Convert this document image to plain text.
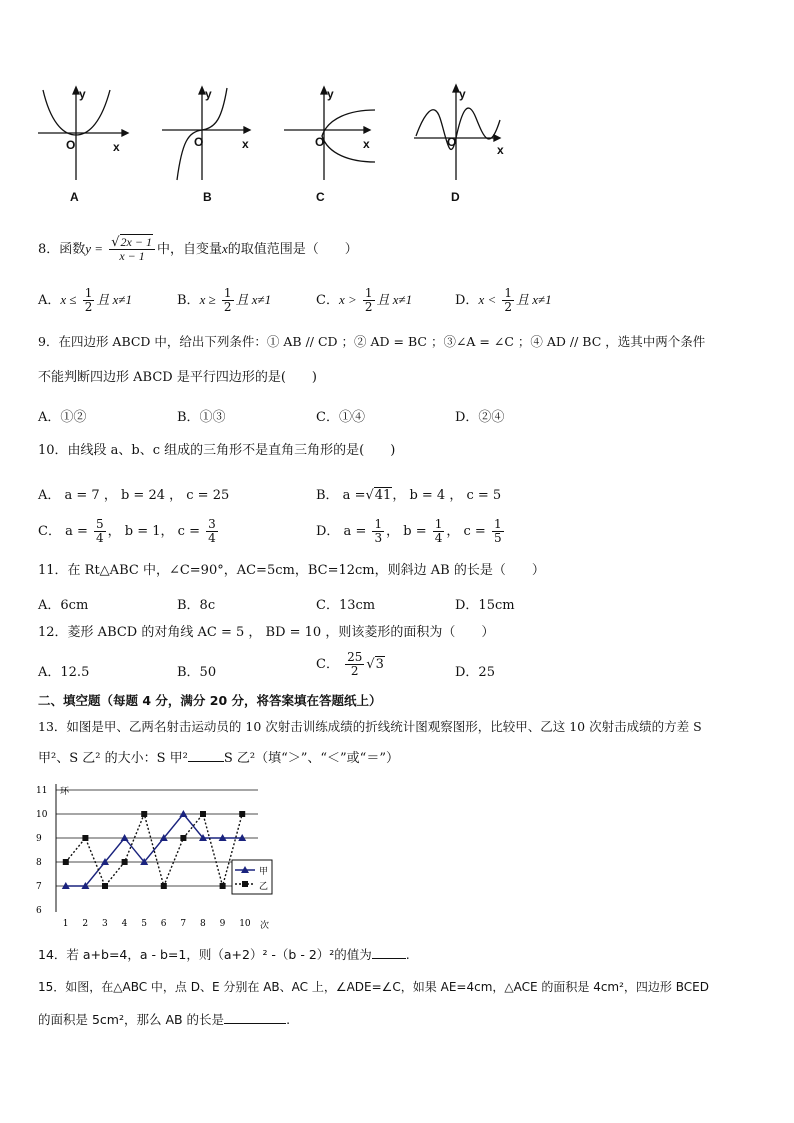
y
O	x
A
y
O	x
B
y
O	x
C
y
O
x
D
8．函数$y = \frac{√2x - 1}{x - 1}$ 中，自变量x的取值范围是（　　）
A．$x \le \frac{1}{2}$ 且 x≠1	B．$x \ge \frac{1}{2}$ 且 x≠1	C．$x > \frac{1}{2}$ 且 x≠1	D．$x < \frac{1}{2}$ 且 x≠1
9．在四边形 ABCD 中，给出下列条件：① AB // CD ；② AD = BC ；③∠A = ∠C ；④ AD // BC ，选其中两个条件
不能判断四边形 ABCD 是平行四边形的是(　　)
A．①②	B．①③	C．①④	D．②④
10．由线段 a、b、c 组成的三角形不是直角三角形的是(　　)
A． a = 7 ， b = 24 ， c = 25	B． a =√41， b = 4 ， c = 5
C． $a = \frac{5}{4}$ ， b = 1， $c = \frac{3}{4}$	D． $a = \frac{1}{3}$ ， $b = \frac{1}{4}$ ， $c = \frac{1}{5}$
11．在 Rt△ABC 中，∠C=90°，AC=5cm，BC=12cm，则斜边 AB 的长是（　　）
A．6cm	B．8c	C．13cm	D．15cm
12．菱形 ABCD 的对角线 AC = 5 ， BD = 10 ，则该菱形的面积为（　　）
A．12.5	B．50
C． $\frac{25}{2} √3$
D．25
二、填空题（每题 4 分，满分 20 分，将答案填在答题纸上）
13．如图是甲、乙两名射击运动员的 10 次射击训练成绩的折线统计图观察图形，比较甲、乙这 10 次射击成绩的方差 S
甲²、S 乙² 的大小：S 甲²	S 乙²（填“＞”、“＜”或“＝”）
6
7
8
9
10
11
1 2 3 4 5 6 7 8 9 10
甲
乙
环
次
14．若 a+b=4，a - b=1，则（a+2）² -（b - 2）²的值为	.
15．如图，在△ABC 中，点 D、E 分别在 AB、AC 上，∠ADE=∠C，如果 AE=4cm，△ACE 的面积是 4cm²，四边形 BCED
的面积是 5cm²，那么 AB 的长是	.
